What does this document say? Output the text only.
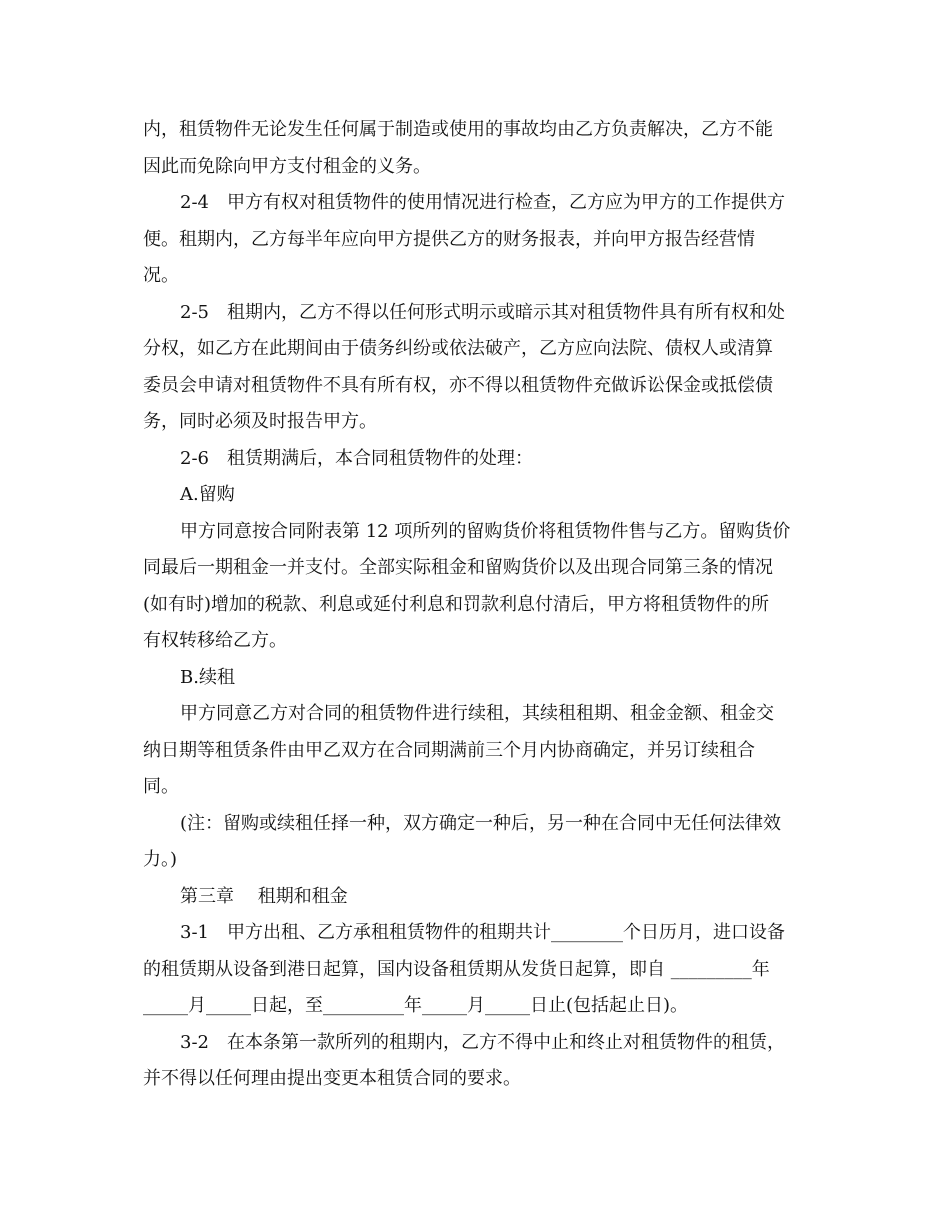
内，租赁物件无论发生任何属于制造或使用的事故均由乙方负责解决，乙方不能
因此而免除向甲方支付租金的义务。
2-4　甲方有权对租赁物件的使用情况进行检查，乙方应为甲方的工作提供方
便。租期内，乙方每半年应向甲方提供乙方的财务报表，并向甲方报告经营情
况。
2-5　租期内，乙方不得以任何形式明示或暗示其对租赁物件具有所有权和处
分权，如乙方在此期间由于债务纠纷或依法破产，乙方应向法院、债权人或清算
委员会申请对租赁物件不具有所有权，亦不得以租赁物件充做诉讼保金或抵偿债
务，同时必须及时报告甲方。
2-6　租赁期满后，本合同租赁物件的处理：
A.留购
甲方同意按合同附表第 12 项所列的留购货价将租赁物件售与乙方。留购货价
同最后一期租金一并支付。全部实际租金和留购货价以及出现合同第三条的情况
(如有时)增加的税款、利息或延付利息和罚款利息付清后，甲方将租赁物件的所
有权转移给乙方。
B.续租
甲方同意乙方对合同的租赁物件进行续租，其续租租期、租金金额、租金交
纳日期等租赁条件由甲乙双方在合同期满前三个月内协商确定，并另订续租合
同。
(注：留购或续租任择一种，双方确定一种后，另一种在合同中无任何法律效
力。)
第三章　 租期和租金
3-1　甲方出租、乙方承租租赁物件的租期共计________个日历月，进口设备
的租赁期从设备到港日起算，国内设备租赁期从发货日起算，即自 _________年
_____月_____日起，至_________年_____月_____日止(包括起止日)。
3-2　在本条第一款所列的租期内，乙方不得中止和终止对租赁物件的租赁，
并不得以任何理由提出变更本租赁合同的要求。
